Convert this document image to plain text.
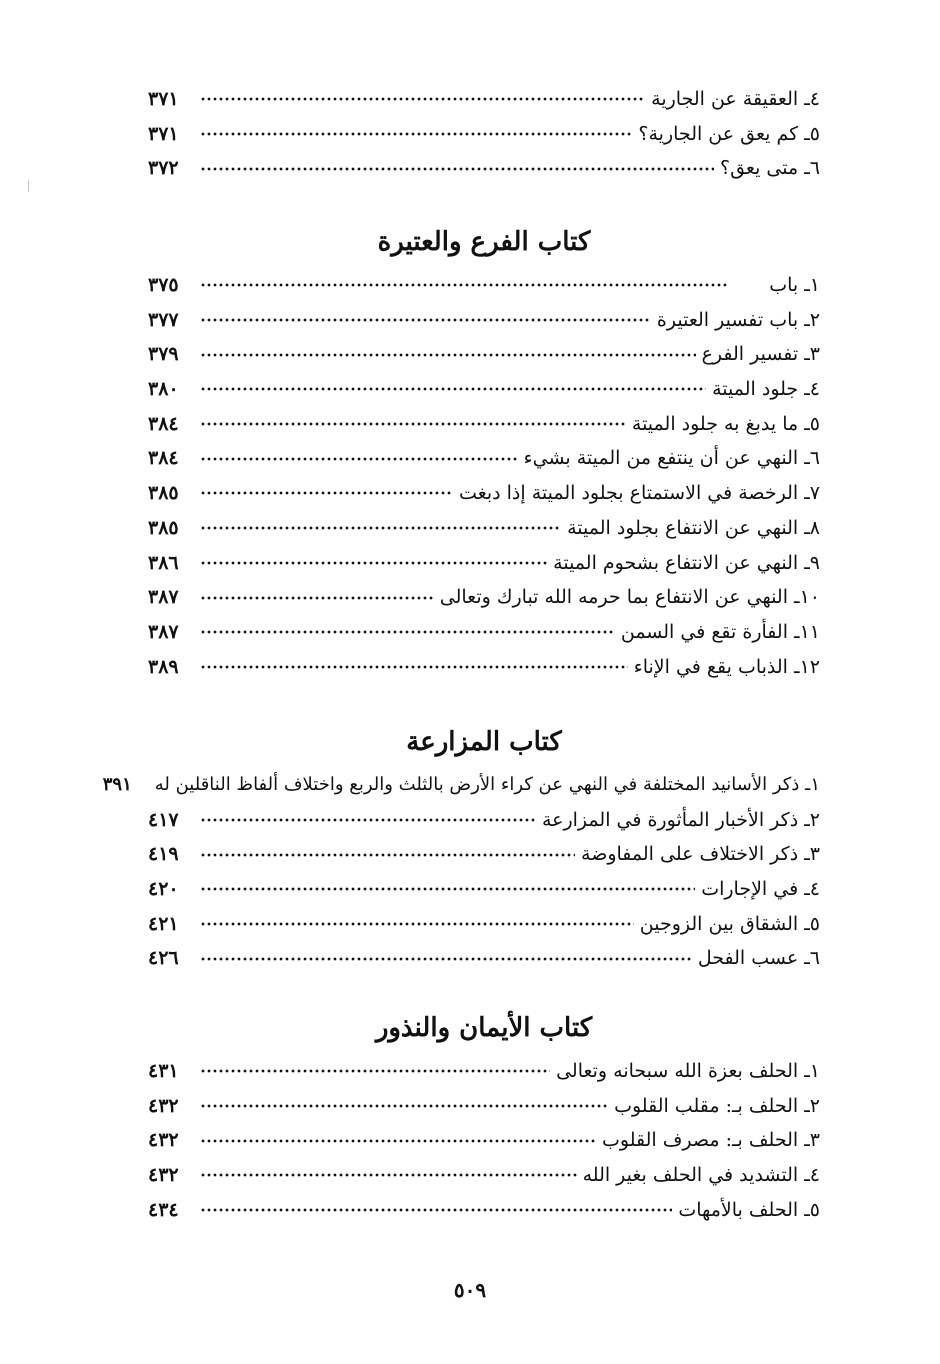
٤ـ العقيقة عن الجارية
٣٧١
٥ـ كم يعق عن الجارية؟
٣٧١
٦ـ متى يعق؟
٣٧٢
كتاب الفرع والعتيرة
١ـ باب
٣٧٥
٢ـ باب تفسير العتيرة
٣٧٧
٣ـ تفسير الفرع
٣٧٩
٤ـ جلود الميتة
٣٨٠
٥ـ ما يدبغ به جلود الميتة
٣٨٤
٦ـ النهي عن أن ينتفع من الميتة بشيء
٣٨٤
٧ـ الرخصة في الاستمتاع بجلود الميتة إذا دبغت
٣٨٥
٨ـ النهي عن الانتفاع بجلود الميتة
٣٨٥
٩ـ النهي عن الانتفاع بشحوم الميتة
٣٨٦
١٠ـ النهي عن الانتفاع بما حرمه الله تبارك وتعالى
٣٨٧
١١ـ الفأرة تقع في السمن
٣٨٧
١٢ـ الذباب يقع في الإناء
٣٨٩
كتاب المزارعة
١ـ ذكر الأسانيد المختلفة في النهي عن كراء الأرض بالثلث والربع واختلاف ألفاظ الناقلين له
٣٩١
٢ـ ذكر الأخبار المأثورة في المزارعة
٤١٧
٣ـ ذكر الاختلاف على المفاوضة
٤١٩
٤ـ في الإجارات
٤٢٠
٥ـ الشقاق بين الزوجين
٤٢١
٦ـ عسب الفحل
٤٢٦
كتاب الأيمان والنذور
١ـ الحلف بعزة الله سبحانه وتعالى
٤٣١
٢ـ الحلف بـ: مقلب القلوب
٤٣٢
٣ـ الحلف بـ: مصرف القلوب
٤٣٢
٤ـ التشديد في الحلف بغير الله
٤٣٢
٥ـ الحلف بالأمهات
٤٣٤
٥٠٩
